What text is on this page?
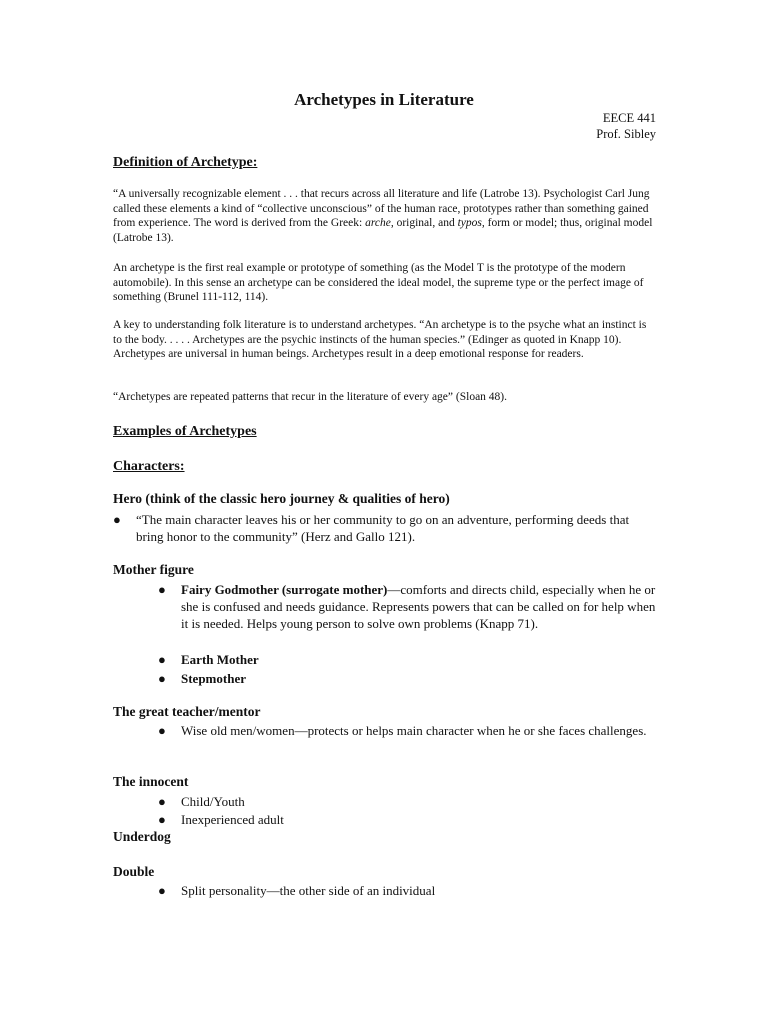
Archetypes in Literature
EECE 441
Prof. Sibley
Definition of Archetype:

“A universally recognizable element . . . that recurs across all literature and life (Latrobe 13). Psychologist Carl Jung called these elements a kind of “collective unconscious” of the human race, prototypes rather than something gained from experience. The word is derived from the Greek: arche, original, and typos, form or model; thus, original model (Latrobe 13).

An archetype is the first real example or prototype of something (as the Model T is the prototype of the modern automobile). In this sense an archetype can be considered the ideal model, the supreme type or the perfect image of something (Brunel 111-112, 114).

A key to understanding folk literature is to understand archetypes. “An archetype is to the psyche what an instinct is to the body. . . . . Archetypes are the psychic instincts of the human species.” (Edinger as quoted in Knapp 10). Archetypes are universal in human beings. Archetypes result in a deep emotional response for readers.

“Archetypes are repeated patterns that recur in the literature of every age” (Sloan 48).

Examples of Archetypes
Characters:
Hero (think of the classic hero journey & qualities of hero)
● “The main character leaves his or her community to go on an adventure, performing deeds that bring honor to the community” (Herz and Gallo 121).
Mother figure
● Fairy Godmother (surrogate mother)—comforts and directs child, especially when he or she is confused and needs guidance. Represents powers that can be called on for help when it is needed. Helps young person to solve own problems (Knapp 71).
● Earth Mother
● Stepmother
The great teacher/mentor
● Wise old men/women—protects or helps main character when he or she faces challenges.
The innocent
● Child/Youth
● Inexperienced adult
Underdog
Double
● Split personality—the other side of an individual
